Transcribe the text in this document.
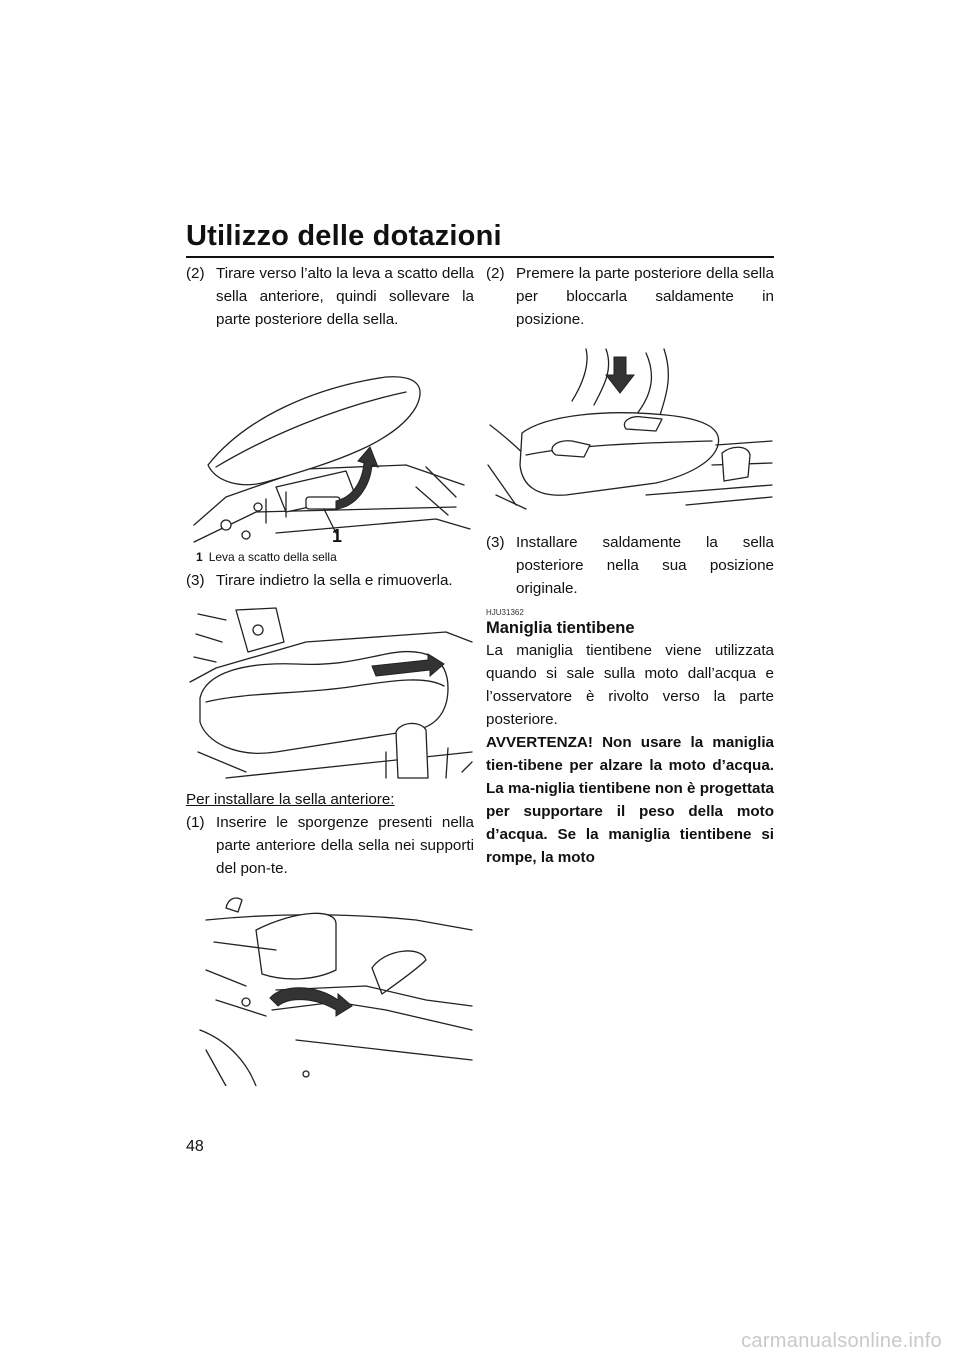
Utilizzo delle dotazioni
(2) Tirare verso l’alto la leva a scatto della sella anteriore, quindi sollevare la parte posteriore della sella.
1
1 Leva a scatto della sella
(3) Tirare indietro la sella e rimuoverla.

Per installare la sella anteriore:

(1) Inserire le sporgenze presenti nella parte anteriore della sella nei supporti del pon-te.
(2) Premere la parte posteriore della sella per bloccarla saldamente in posizione.
(3) Installare saldamente la sella posteriore nella sua posizione originale.
HJU31362

Maniglia tientibene

La maniglia tientibene viene utilizzata quando si sale sulla moto dall’acqua e l’osservatore è rivolto verso la parte posteriore.

AVVERTENZA! Non usare la maniglia tien-tibene per alzare la moto d’acqua. La ma-niglia tientibene non è progettata per supportare il peso della moto d’acqua. Se la maniglia tientibene si rompe, la moto

48
carmanualsonline.info
